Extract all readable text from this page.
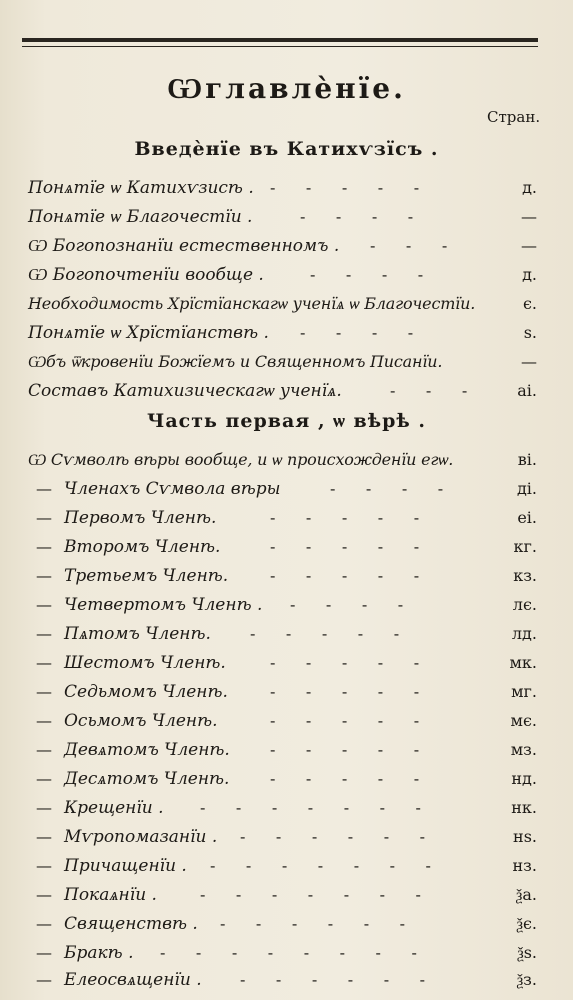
Ѡглавлѐнїе.
Стран.
Введѐнїе въ Катихѵзїсъ .
Понѧтїе ѡ Катихѵзисѣ . -      -      -      -      -	д.
Понѧтїе ѡ Благочестїи .	-      -      -      -	—
Ѡ Богопознанїи естественномъ . -      -      -	—
Ѡ Богопочтенїи вообще .	-      -      -      -	д.
Необходимость Хрїстїанскагѡ ученїѧ ѡ Благочестїи.	є.
Понѧтїе ѡ Хрїстїанствѣ . -      -      -      -	ѕ.
Ѡбъ ѿкровенїи Божїемъ и Священномъ Писанїи.	—
Составъ Катихизическагѡ ученїѧ.	-      -      -	аі.
Часть первая , ѡ вѣрѣ .
Ѡ Сѵмволѣ вѣры вообще, и ѡ происхожденїи егѡ.	ві.
— Членахъ Сѵмвола вѣры	-      -      -      -	ді.
— Первомъ Членѣ.	-      -      -      -      -	еі.
— Второмъ Членѣ.	-      -      -      -      -	кг.
— Третьемъ Членѣ.	-      -      -      -      -	кз.
— Четвертомъ Членѣ . -      -      -      -	лє.
— Пѧтомъ Членѣ. -      -      -      -      -	лд.
— Шестомъ Членѣ.	-      -      -      -      -	мк.
— Седьмомъ Членѣ.	-      -      -      -      -	мг.
— Осьмомъ Членѣ.	-      -      -      -      -	мє.
— Девѧтомъ Членѣ.	-      -      -      -      -	мз.
— Десѧтомъ Членѣ.	-      -      -      -      -	нд.
— Крещенїи . -      -      -      -      -      -      -	нк.
— Мѵропомазанїи . -      -      -      -      -      -	нѕ.
— Причащенїи . -      -      -      -      -      -      -	нз.
— Покаѧнїи .	-      -      -      -      -      -      -	ѯа.
— Священствѣ . -      -      -      -      -      -	ѯє.
— Бракѣ . -      -      -      -      -      -      -      -	ѯѕ.
— Елеосвѧщенїи . -      -      -      -      -      -	ѯз.
